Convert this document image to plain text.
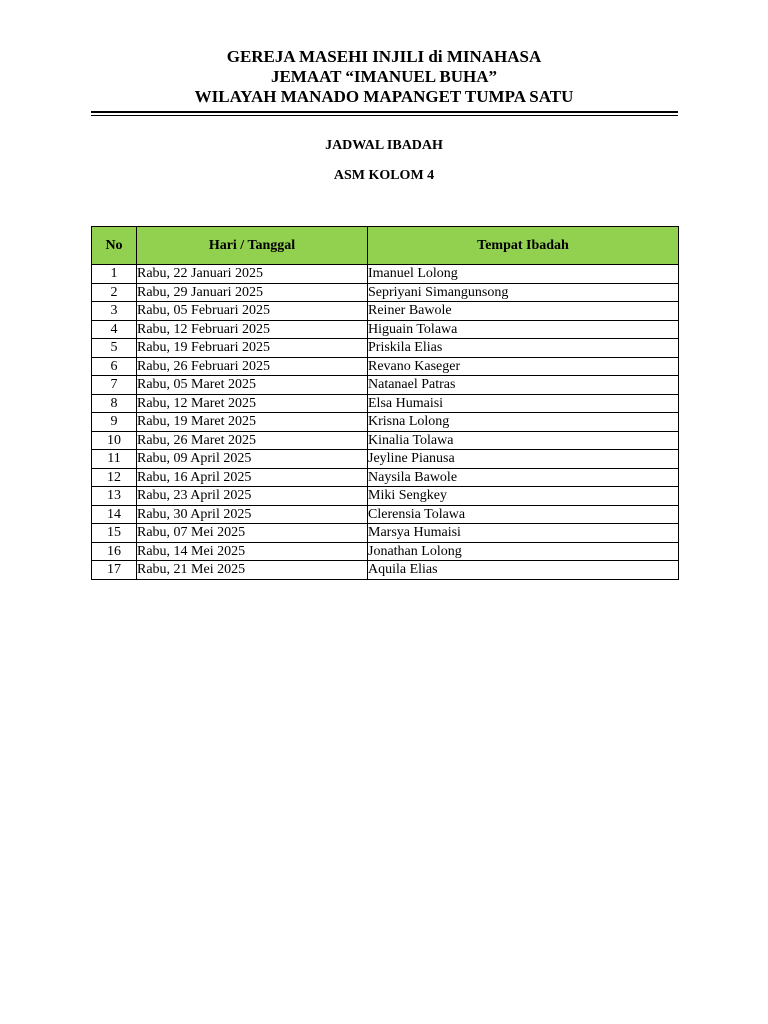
GEREJA MASEHI INJILI di MINAHASA
JEMAAT “IMANUEL BUHA”
WILAYAH MANADO MAPANGET TUMPA SATU
JADWAL IBADAH
ASM KOLOM 4
No	Hari / Tanggal	Tempat Ibadah
1	Rabu, 22 Januari 2025	Imanuel Lolong
2	Rabu, 29 Januari 2025	Sepriyani Simangunsong
3	Rabu, 05 Februari 2025	Reiner Bawole
4	Rabu, 12 Februari 2025	Higuain Tolawa
5	Rabu, 19 Februari 2025	Priskila Elias
6	Rabu, 26 Februari 2025	Revano Kaseger
7	Rabu, 05 Maret 2025	Natanael Patras
8	Rabu, 12 Maret 2025	Elsa Humaisi
9	Rabu, 19 Maret 2025	Krisna Lolong
10	Rabu, 26 Maret 2025	Kinalia Tolawa
11	Rabu, 09 April 2025	Jeyline Pianusa
12	Rabu, 16 April 2025	Naysila Bawole
13	Rabu, 23 April 2025	Miki Sengkey
14	Rabu, 30 April 2025	Clerensia Tolawa
15	Rabu, 07 Mei 2025	Marsya Humaisi
16	Rabu, 14 Mei 2025	Jonathan Lolong
17	Rabu, 21 Mei 2025	Aquila Elias
